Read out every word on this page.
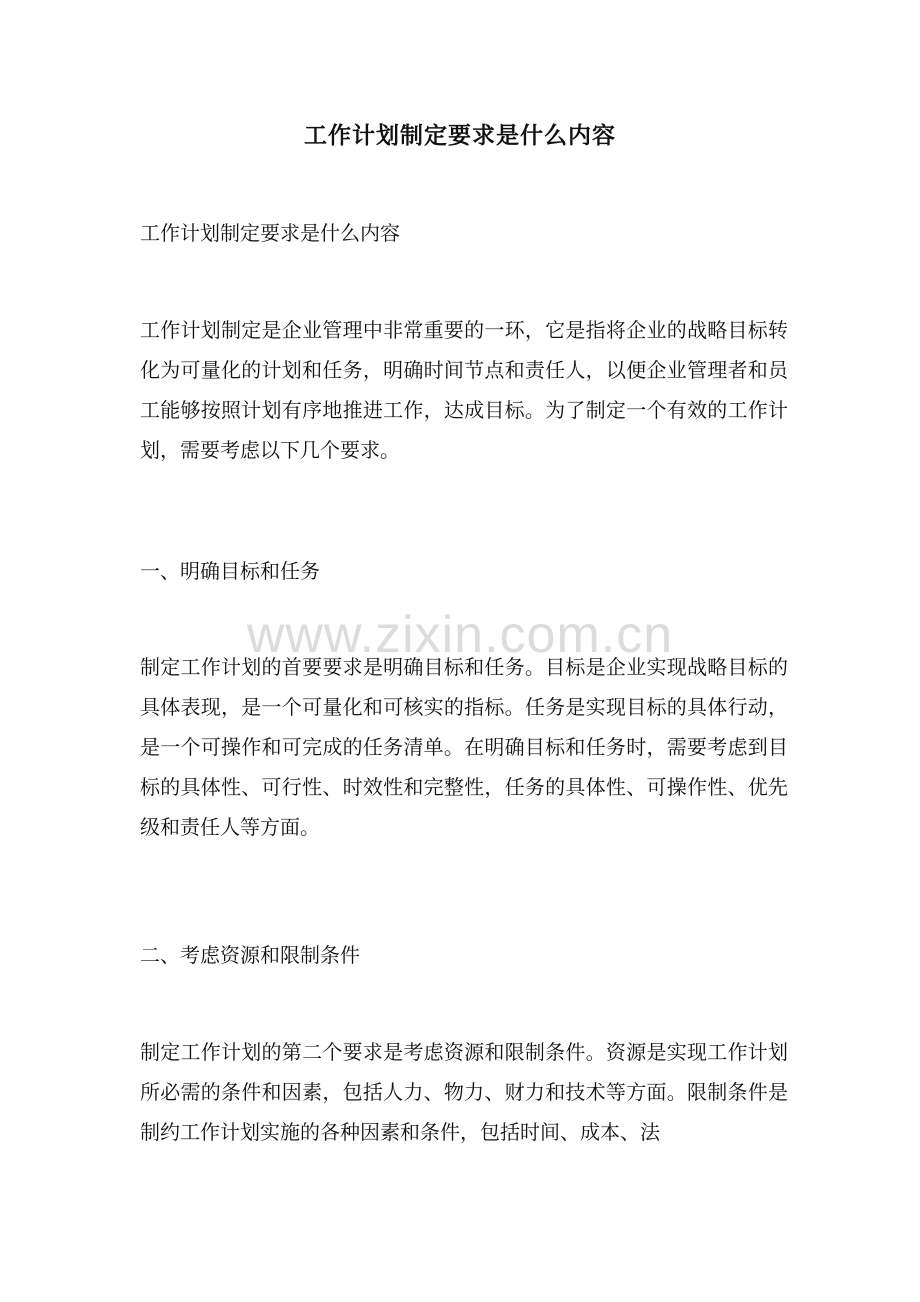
工作计划制定要求是什么内容

工作计划制定要求是什么内容

工作计划制定是企业管理中非常重要的一环，它是指将企业的战略目标转化为可量化的计划和任务，明确时间节点和责任人，以便企业管理者和员工能够按照计划有序地推进工作，达成目标。为了制定一个有效的工作计划，需要考虑以下几个要求。

一、明确目标和任务

制定工作计划的首要要求是明确目标和任务。目标是企业实现战略目标的具体表现，是一个可量化和可核实的指标。任务是实现目标的具体行动，是一个可操作和可完成的任务清单。在明确目标和任务时，需要考虑到目标的具体性、可行性、时效性和完整性，任务的具体性、可操作性、优先级和责任人等方面。

二、考虑资源和限制条件

制定工作计划的第二个要求是考虑资源和限制条件。资源是实现工作计划所必需的条件和因素，包括人力、物力、财力和技术等方面。限制条件是制约工作计划实施的各种因素和条件，包括时间、成本、法

www.zixin.com.cn
